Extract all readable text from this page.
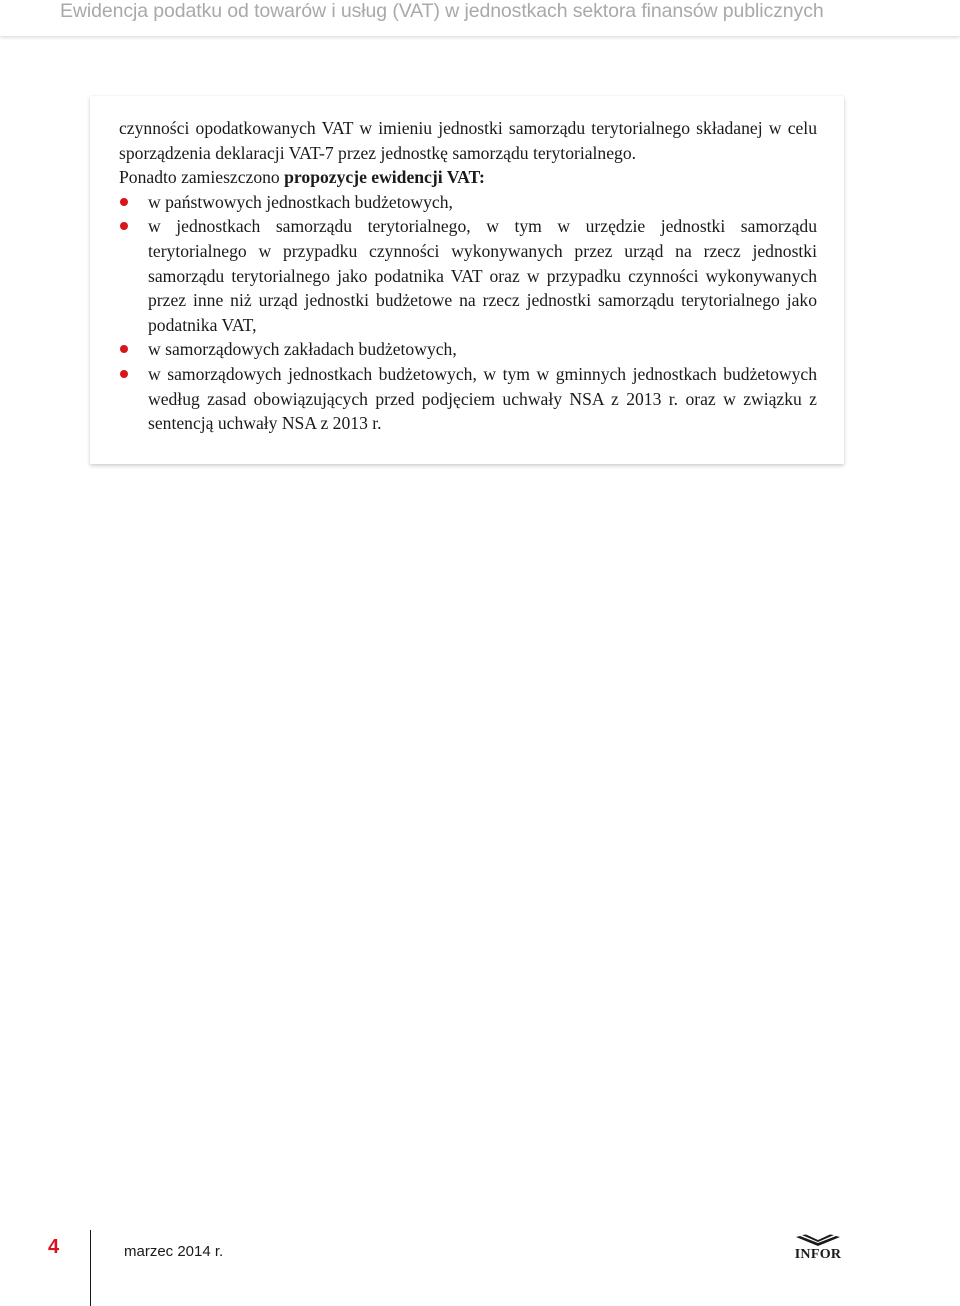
Ewidencja podatku od towarów i usług (VAT) w jednostkach sektora finansów publicznych

czynności opodatkowanych VAT w imieniu jednostki samorządu terytorialnego składanej w celu sporządzenia deklaracji VAT-7 przez jednostkę samorządu terytorialnego.

Ponadto zamieszczono propozycje ewidencji VAT:

w państwowych jednostkach budżetowych,
w jednostkach samorządu terytorialnego, w tym w urzędzie jednostki samorządu terytorialnego w przypadku czynności wykonywanych przez urząd na rzecz jednostki samorządu terytorialnego jako podatnika VAT oraz w przypadku czynności wykonywanych przez inne niż urząd jednostki budżetowe na rzecz jednostki samorządu terytorialnego jako podatnika VAT,
w samorządowych zakładach budżetowych,
w samorządowych jednostkach budżetowych, w tym w gminnych jednostkach budżetowych według zasad obowiązujących przed podjęciem uchwały NSA z 2013 r. oraz w związku z sentencją uchwały NSA z 2013 r.
4	marzec 2014 r.	INFOR
